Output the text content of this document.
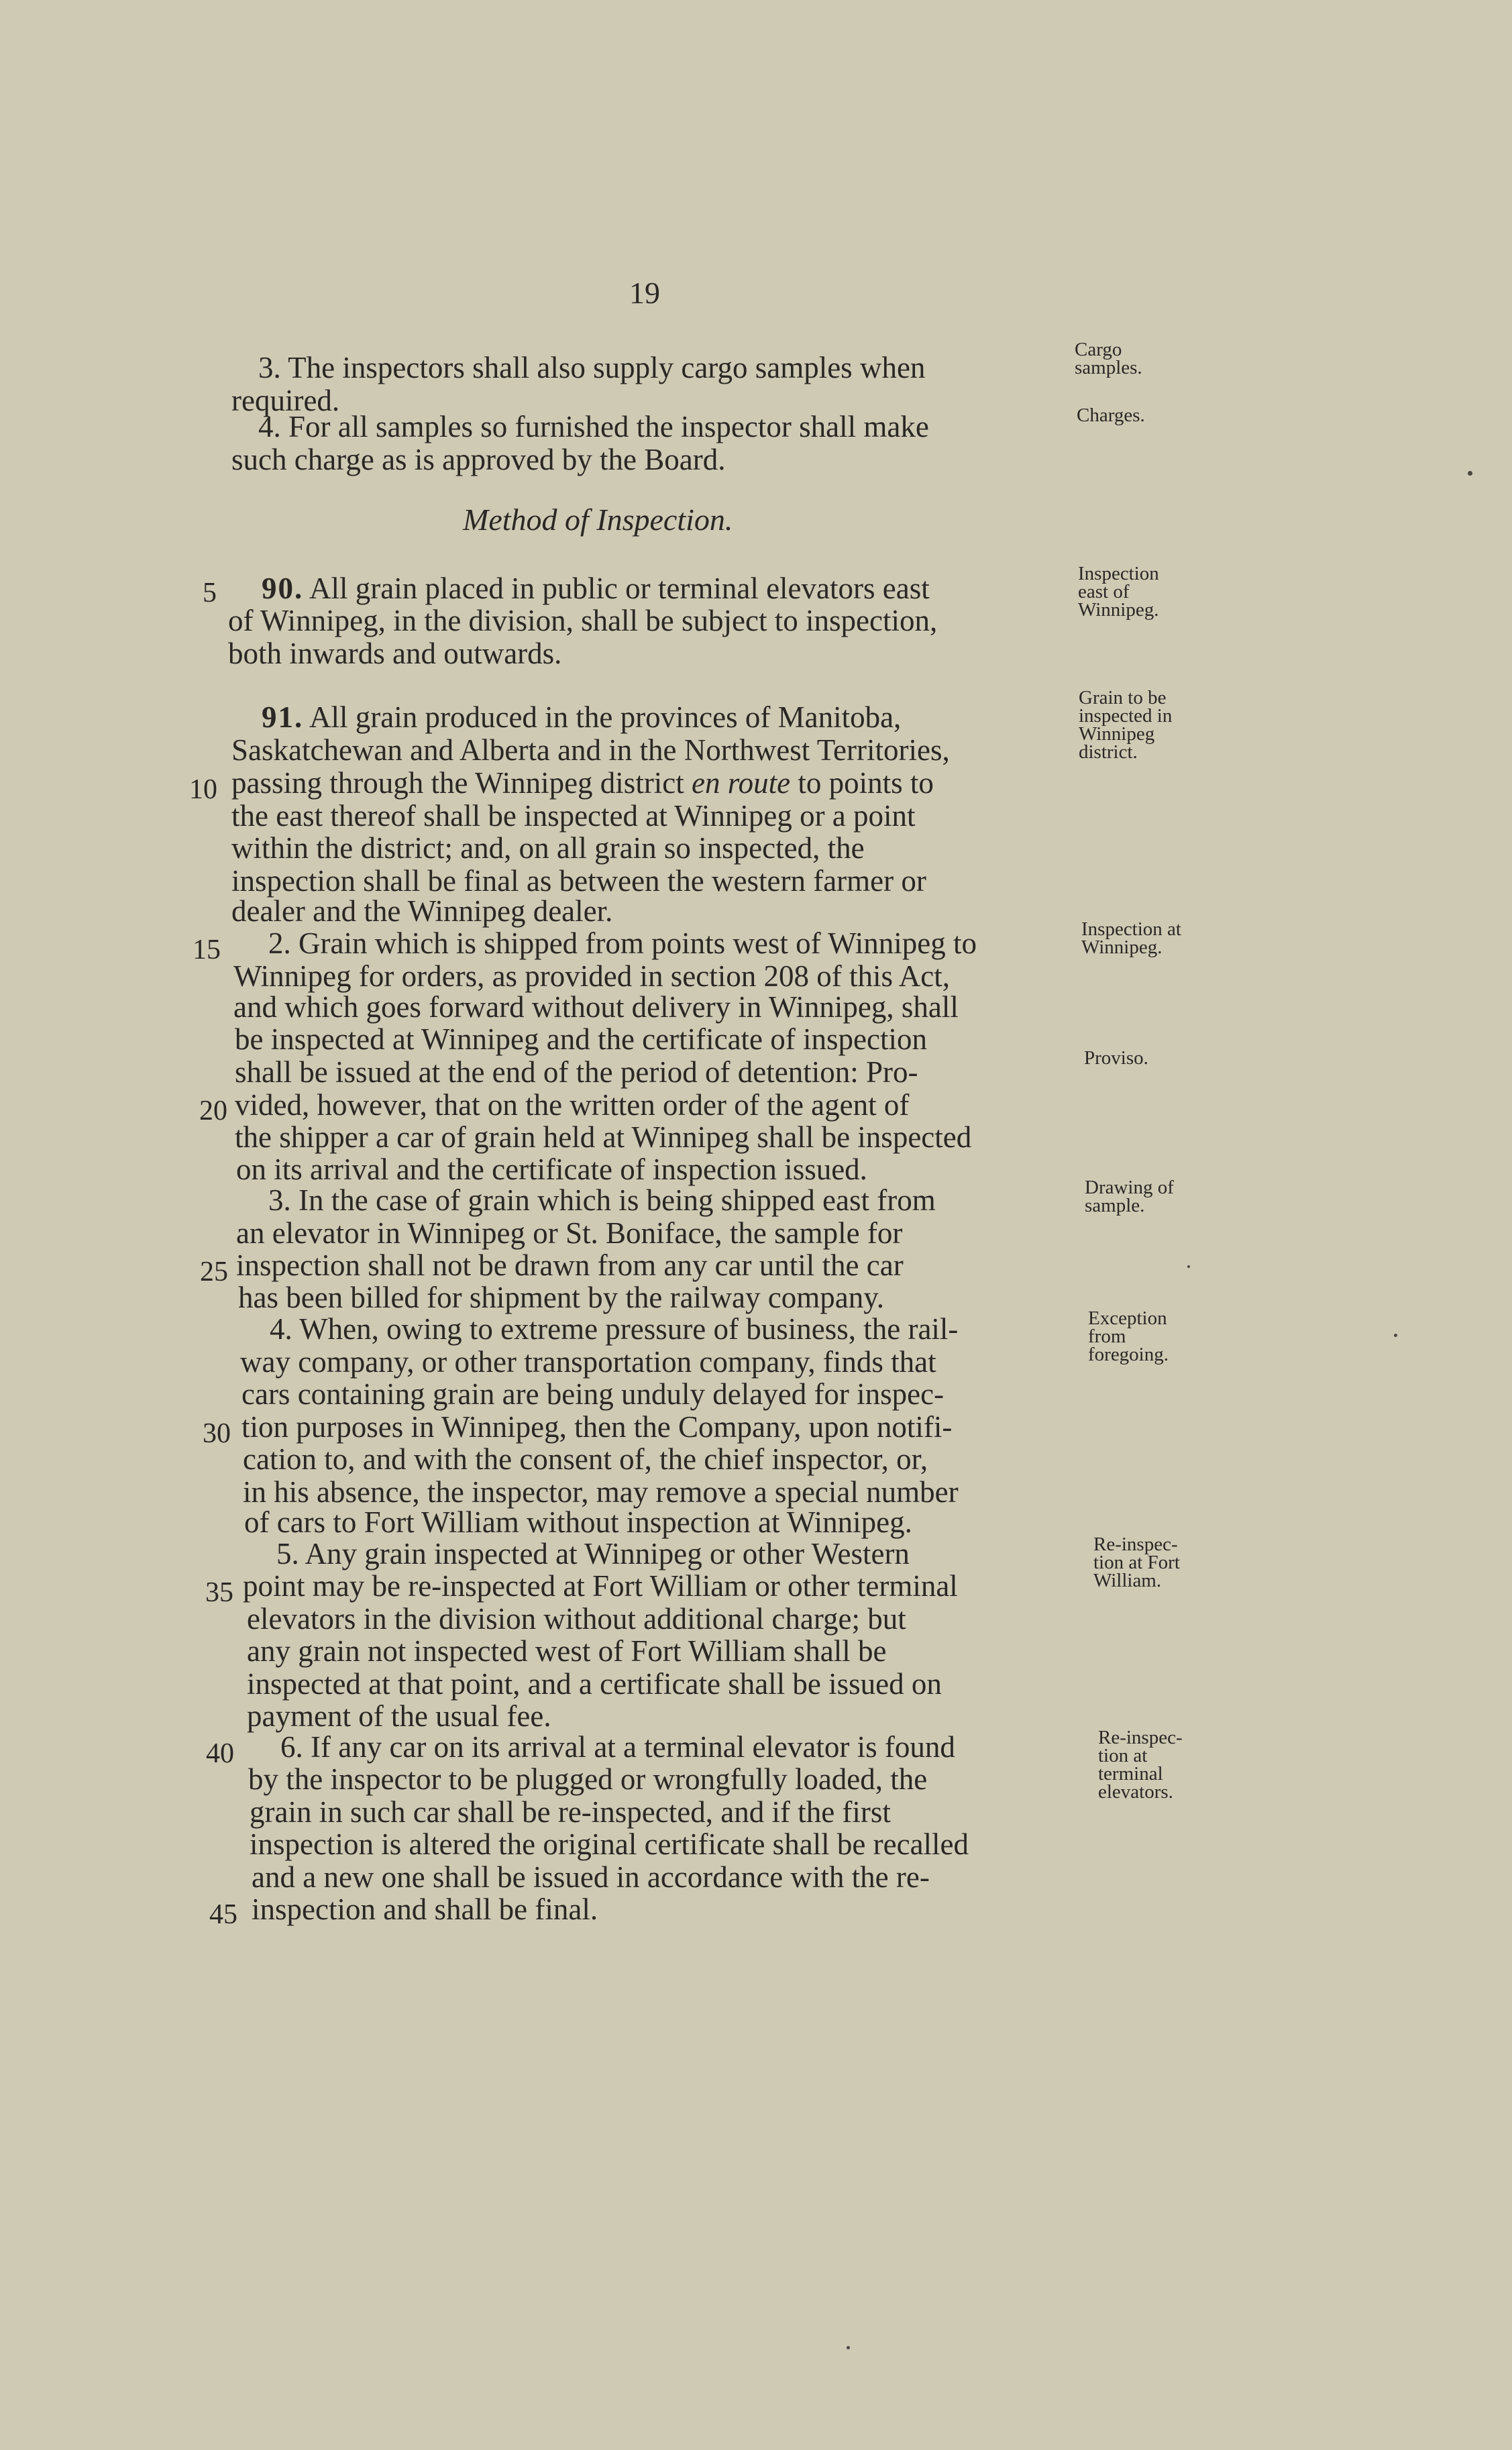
19
Method of Inspection.
3. The inspectors shall also supply cargo samples when
required.
4. For all samples so furnished the inspector shall make
such charge as is approved by the Board.
90. All grain placed in public or terminal elevators east
of Winnipeg, in the division, shall be subject to inspection,
both inwards and outwards.
91. All grain produced in the provinces of Manitoba,
Saskatchewan and Alberta and in the Northwest Territories,
passing through the Winnipeg district en route to points to
the east thereof shall be inspected at Winnipeg or a point
within the district; and, on all grain so inspected, the
inspection shall be final as between the western farmer or
dealer and the Winnipeg dealer.
2. Grain which is shipped from points west of Winnipeg to
Winnipeg for orders, as provided in section 208 of this Act,
and which goes forward without delivery in Winnipeg, shall
be inspected at Winnipeg and the certificate of inspection
shall be issued at the end of the period of detention: Pro-
vided, however, that on the written order of the agent of
the shipper a car of grain held at Winnipeg shall be inspected
on its arrival and the certificate of inspection issued.
3. In the case of grain which is being shipped east from
an elevator in Winnipeg or St. Boniface, the sample for
inspection shall not be drawn from any car until the car
has been billed for shipment by the railway company.
4. When, owing to extreme pressure of business, the rail-
way company, or other transportation company, finds that
cars containing grain are being unduly delayed for inspec-
tion purposes in Winnipeg, then the Company, upon notifi-
cation to, and with the consent of, the chief inspector, or,
in his absence, the inspector, may remove a special number
of cars to Fort William without inspection at Winnipeg.
5. Any grain inspected at Winnipeg or other Western
point may be re-inspected at Fort William or other terminal
elevators in the division without additional charge; but
any grain not inspected west of Fort William shall be
inspected at that point, and a certificate shall be issued on
payment of the usual fee.
6. If any car on its arrival at a terminal elevator is found
by the inspector to be plugged or wrongfully loaded, the
grain in such car shall be re-inspected, and if the first
inspection is altered the original certificate shall be recalled
and a new one shall be issued in accordance with the re-
inspection and shall be final.
5
10
15
20
25
30
35
40
45
Cargo
samples.
Charges.
Inspection
east of
Winnipeg.
Grain to be
inspected in
Winnipeg
district.
Inspection at
Winnipeg.
Proviso.
Drawing of
sample.
Exception
from
foregoing.
Re-inspec-
tion at Fort
William.
Re-inspec-
tion at
terminal
elevators.
